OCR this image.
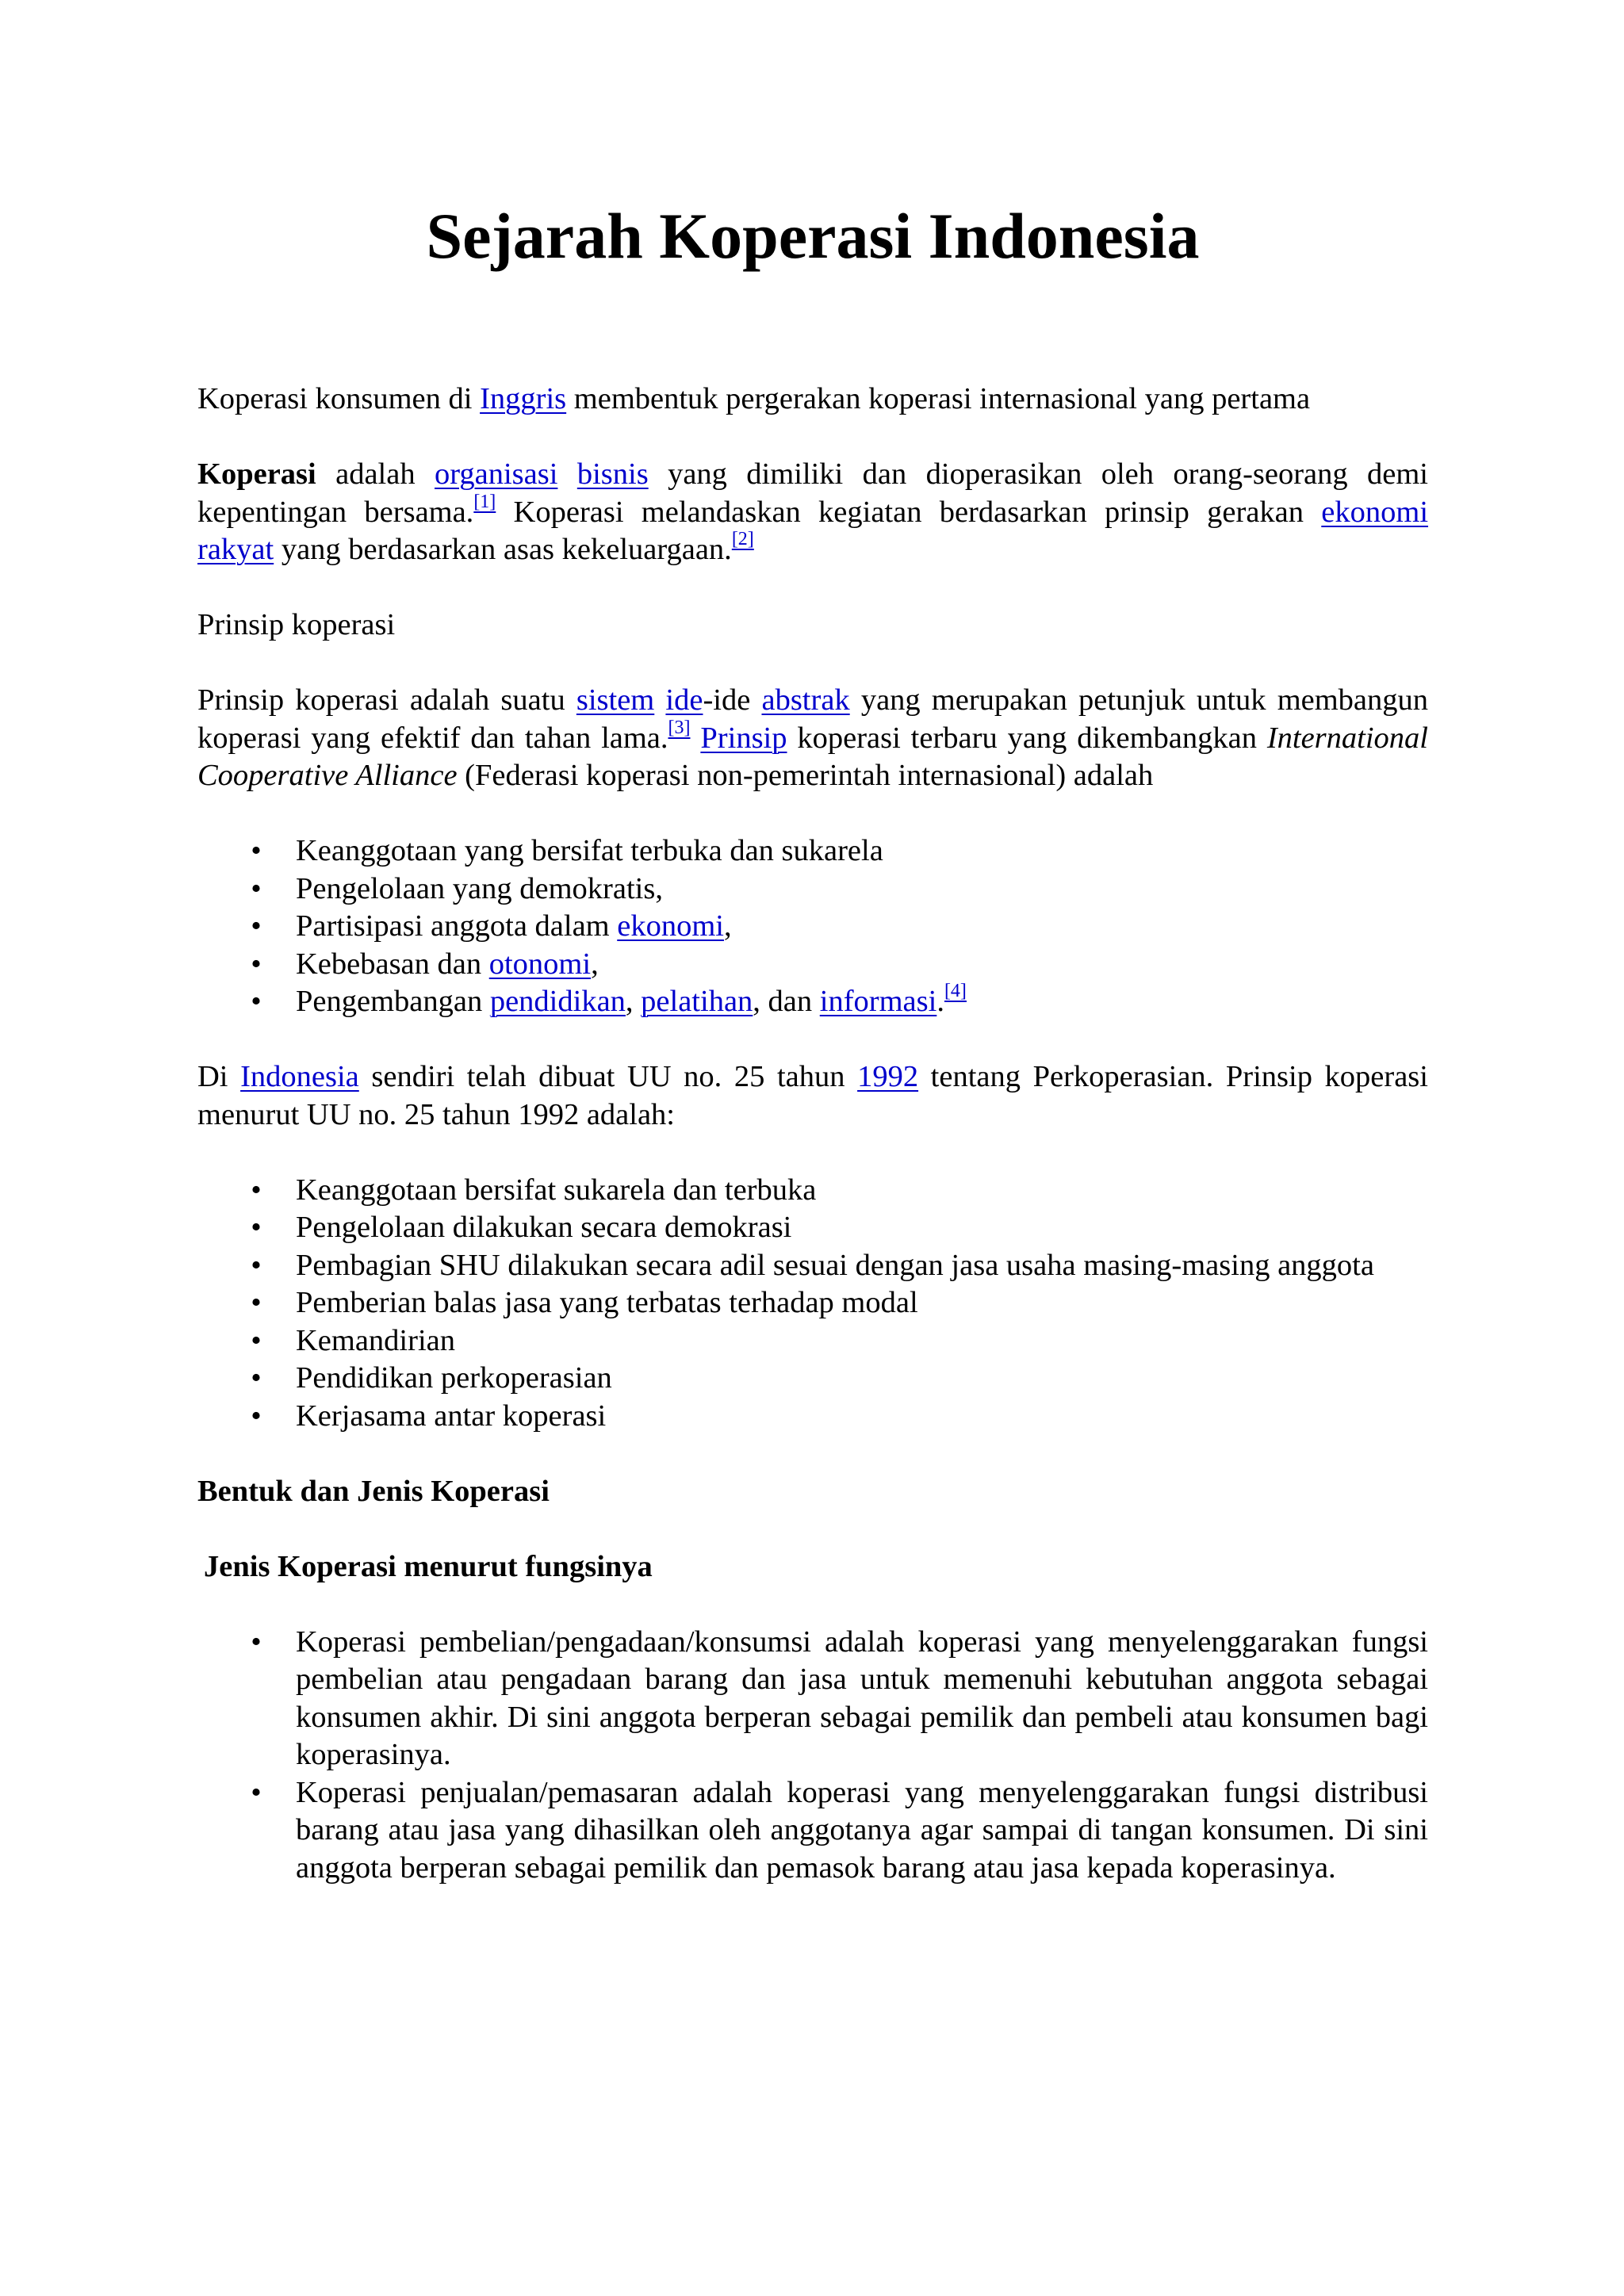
Sejarah Koperasi Indonesia

Koperasi konsumen di Inggris membentuk pergerakan koperasi internasional yang pertama

Koperasi adalah organisasi bisnis yang dimiliki dan dioperasikan oleh orang-seorang demi kepentingan bersama.[1] Koperasi melandaskan kegiatan berdasarkan prinsip gerakan ekonomi rakyat yang berdasarkan asas kekeluargaan.[2]

Prinsip koperasi

Prinsip koperasi adalah suatu sistem ide-ide abstrak yang merupakan petunjuk untuk membangun koperasi yang efektif dan tahan lama.[3] Prinsip koperasi terbaru yang dikembangkan International Cooperative Alliance (Federasi koperasi non-pemerintah internasional) adalah

• Keanggotaan yang bersifat terbuka dan sukarela
• Pengelolaan yang demokratis,
• Partisipasi anggota dalam ekonomi,
• Kebebasan dan otonomi,
• Pengembangan pendidikan, pelatihan, dan informasi.[4]

Di Indonesia sendiri telah dibuat UU no. 25 tahun 1992 tentang Perkoperasian. Prinsip koperasi menurut UU no. 25 tahun 1992 adalah:

• Keanggotaan bersifat sukarela dan terbuka
• Pengelolaan dilakukan secara demokrasi
• Pembagian SHU dilakukan secara adil sesuai dengan jasa usaha masing-masing anggota
• Pemberian balas jasa yang terbatas terhadap modal
• Kemandirian
• Pendidikan perkoperasian
• Kerjasama antar koperasi

Bentuk dan Jenis Koperasi

Jenis Koperasi menurut fungsinya

• Koperasi pembelian/pengadaan/konsumsi adalah koperasi yang menyelenggarakan fungsi pembelian atau pengadaan barang dan jasa untuk memenuhi kebutuhan anggota sebagai konsumen akhir. Di sini anggota berperan sebagai pemilik dan pembeli atau konsumen bagi koperasinya.
• Koperasi penjualan/pemasaran adalah koperasi yang menyelenggarakan fungsi distribusi barang atau jasa yang dihasilkan oleh anggotanya agar sampai di tangan konsumen. Di sini anggota berperan sebagai pemilik dan pemasok barang atau jasa kepada koperasinya.
